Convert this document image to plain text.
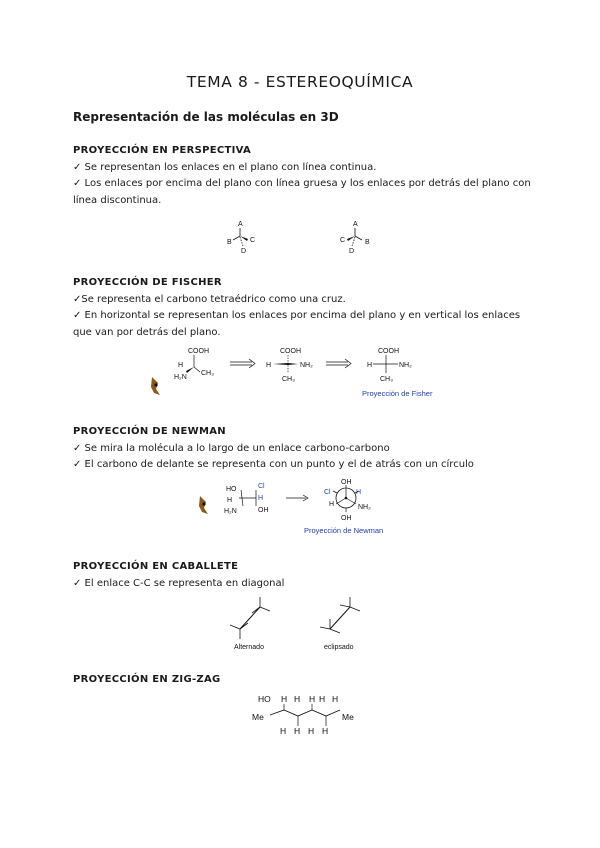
TEMA 8 - ESTEREOQUÍMICA
Representación de las moléculas en 3D
PROYECCIÓN EN PERSPECTIVA

✓ Se representan los enlaces en el plano con línea continua.

✓ Los enlaces por encima del plano con línea gruesa y los enlaces por detrás del plano con línea discontinua.

A
B	C
D
A
C	B
D
PROYECCIÓN DE FISCHER

✓Se representa el carbono tetraédrico como una cruz.

✓ En horizontal se representan los enlaces por encima del plano y en vertical los enlaces que van por detrás del plano.

COOH
H
H₂N
CH₃
COOH
H	NH₂
CH₃
COOH
H	NH₂
CH₃
Proyección de Fisher
PROYECCIÓN DE NEWMAN

✓ Se mira la molécula a lo largo de un enlace carbono-carbono

✓ El carbono de delante se representa con un punto y el de atrás con un círculo

HO
H
H₂N
Cl
H
OH
OH
Cl	H
H	NH₂
OH
Proyección de Newman
PROYECCIÓN EN CABALLETE

✓ El enlace C-C se representa en diagonal

Alternado	eclipsado
PROYECCIÓN EN ZIG-ZAG
HO H H H H H
Me	Me
H H H H
